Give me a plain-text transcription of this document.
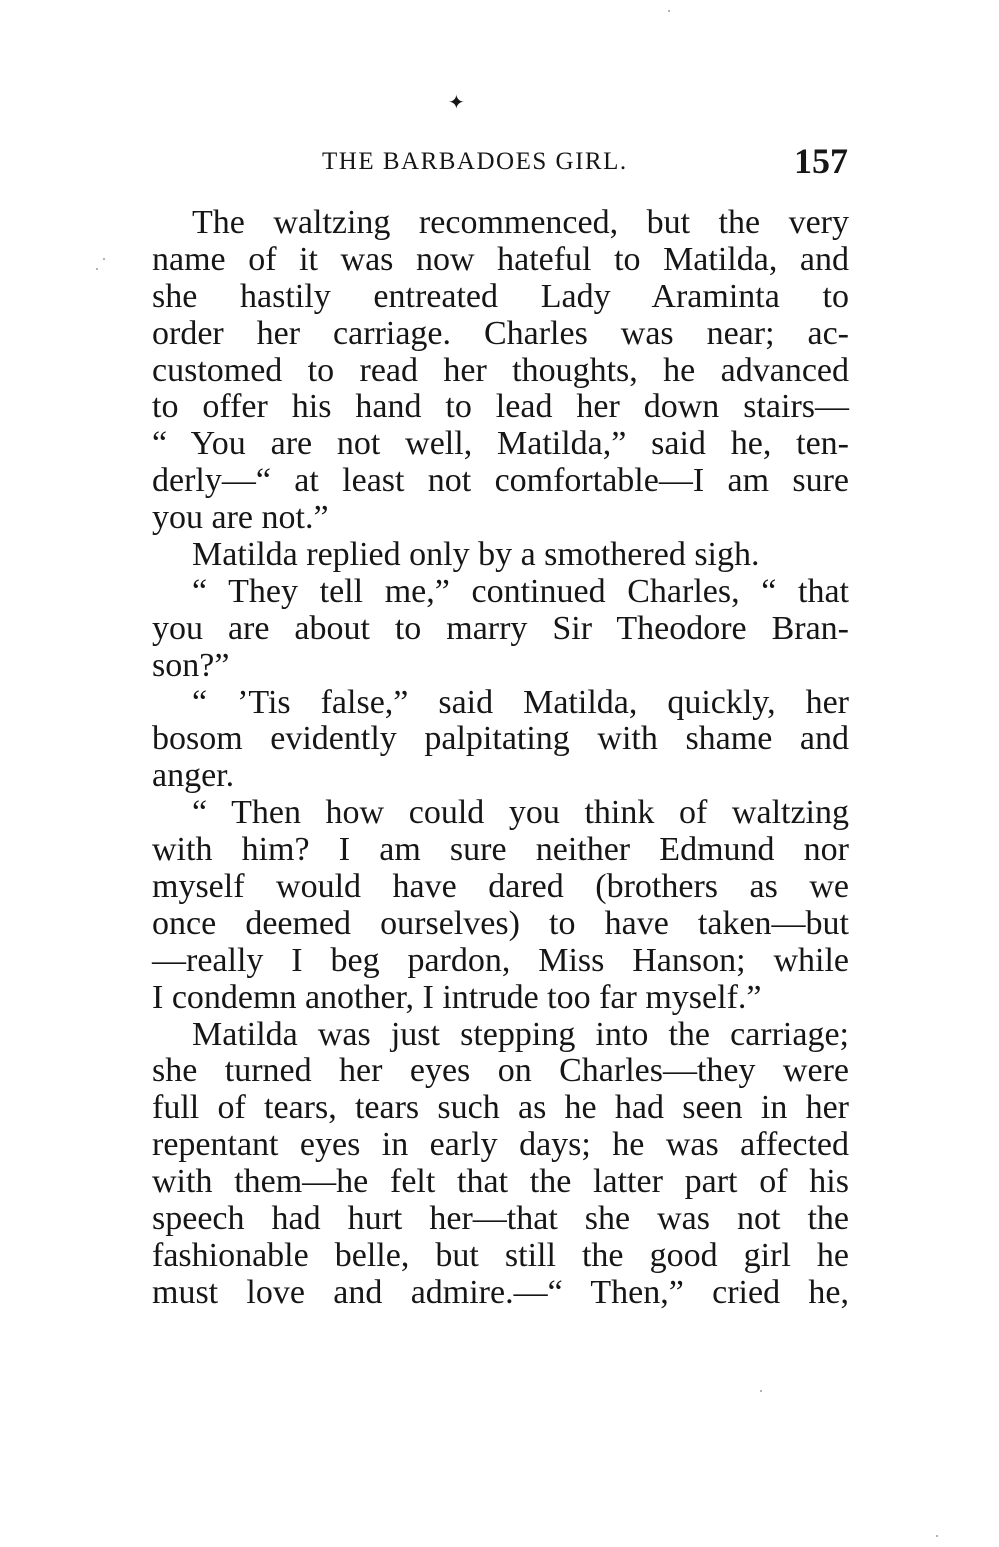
✦
THE BARBADOES GIRL.	157
The waltzing recommenced, but the very
name of it was now hateful to Matilda, and
she hastily entreated Lady Araminta to
order her carriage. Charles was near; ac-
customed to read her thoughts, he advanced
to offer his hand to lead her down stairs—
“ You are not well, Matilda,” said he, ten-
derly—“ at least not comfortable—I am sure
you are not.”
Matilda replied only by a smothered sigh.
“ They tell me,” continued Charles, “ that
you are about to marry Sir Theodore Bran-
son?”
“ ’Tis false,” said Matilda, quickly, her
bosom evidently palpitating with shame and
anger.
“ Then how could you think of waltzing
with him? I am sure neither Edmund nor
myself would have dared (brothers as we
once deemed ourselves) to have taken—but
—really I beg pardon, Miss Hanson; while
I condemn another, I intrude too far myself.”
Matilda was just stepping into the carriage;
she turned her eyes on Charles—they were
full of tears, tears such as he had seen in her
repentant eyes in early days; he was affected
with them—he felt that the latter part of his
speech had hurt her—that she was not the
fashionable belle, but still the good girl he
must love and admire.—“ Then,” cried he,
